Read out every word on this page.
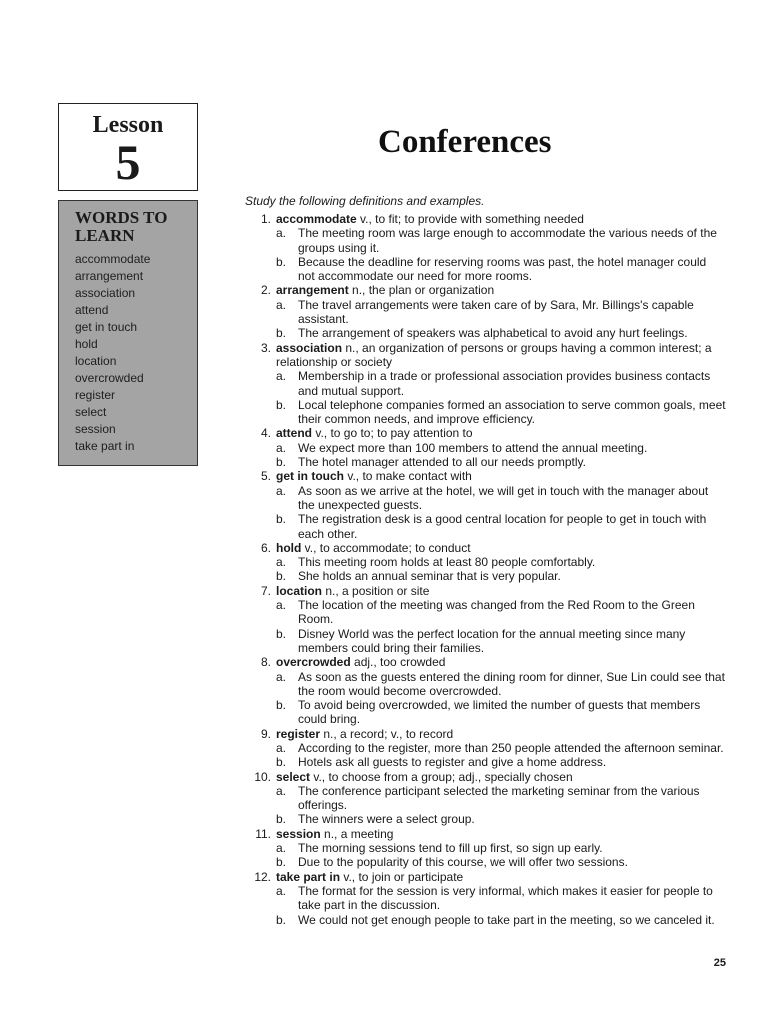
Lesson
5
WORDS TO LEARN
accommodate
arrangement
association
attend
get in touch
hold
location
overcrowded
register
select
session
take part in
Conferences
Study the following definitions and examples.
1. accommodate v., to fit; to provide with something needed
a. The meeting room was large enough to accommodate the various needs of the groups using it.
b. Because the deadline for reserving rooms was past, the hotel manager could not accommodate our need for more rooms.
2. arrangement n., the plan or organization
a. The travel arrangements were taken care of by Sara, Mr. Billings's capable assistant.
b. The arrangement of speakers was alphabetical to avoid any hurt feelings.
3. association n., an organization of persons or groups having a common interest; a relationship or society
a. Membership in a trade or professional association provides business contacts and mutual support.
b. Local telephone companies formed an association to serve common goals, meet their common needs, and improve efficiency.
4. attend v., to go to; to pay attention to
a. We expect more than 100 members to attend the annual meeting.
b. The hotel manager attended to all our needs promptly.
5. get in touch v., to make contact with
a. As soon as we arrive at the hotel, we will get in touch with the manager about the unexpected guests.
b. The registration desk is a good central location for people to get in touch with each other.
6. hold v., to accommodate; to conduct
a. This meeting room holds at least 80 people comfortably.
b. She holds an annual seminar that is very popular.
7. location n., a position or site
a. The location of the meeting was changed from the Red Room to the Green Room.
b. Disney World was the perfect location for the annual meeting since many members could bring their families.
8. overcrowded adj., too crowded
a. As soon as the guests entered the dining room for dinner, Sue Lin could see that the room would become overcrowded.
b. To avoid being overcrowded, we limited the number of guests that members could bring.
9. register n., a record; v., to record
a. According to the register, more than 250 people attended the afternoon seminar.
b. Hotels ask all guests to register and give a home address.
10. select v., to choose from a group; adj., specially chosen
a. The conference participant selected the marketing seminar from the various offerings.
b. The winners were a select group.
11. session n., a meeting
a. The morning sessions tend to fill up first, so sign up early.
b. Due to the popularity of this course, we will offer two sessions.
12. take part in v., to join or participate
a. The format for the session is very informal, which makes it easier for people to take part in the discussion.
b. We could not get enough people to take part in the meeting, so we canceled it.
25
